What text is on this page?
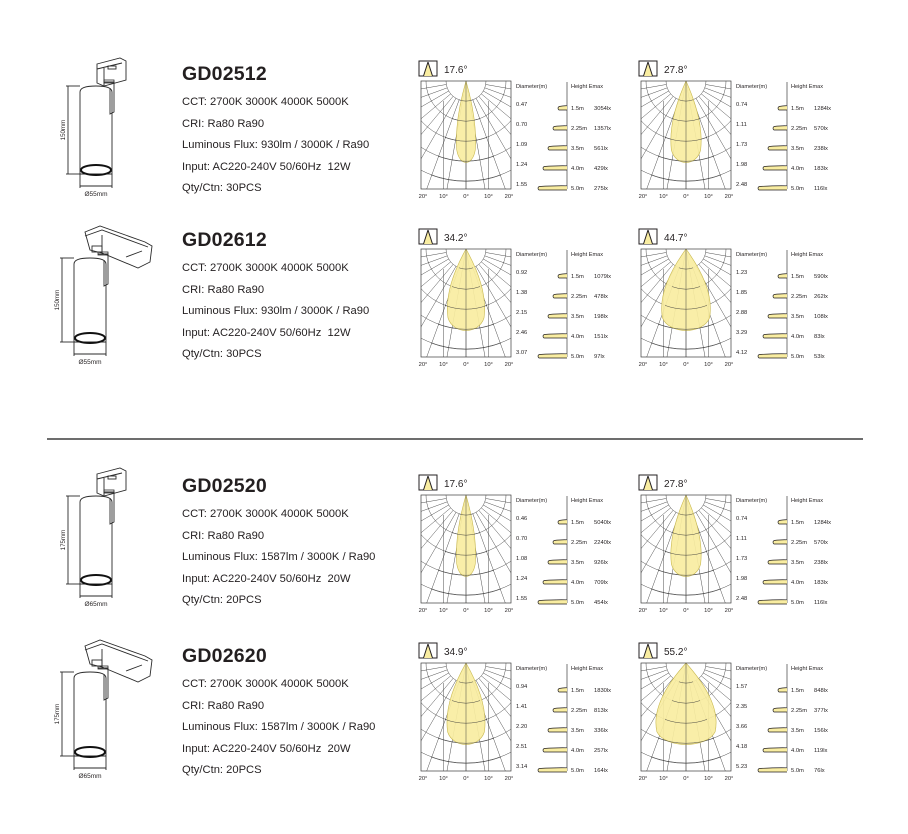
150mm
Ø55mm
GD02512
CCT: 2700K 3000K 4000K 5000K
CRI: Ra80 Ra90
Luminous Flux: 930lm / 3000K / Ra90
Input: AC220-240V 50/60Hz  12W
Qty/Ctn: 30PCS
17.6°
20° 10°	0°	10° 20°
Diameter(m)	Height Emax
0.47
1.5m 3054lx
0.70
2.25m 1357lx
1.09
3.5m 561lx
1.24
4.0m 429lx
1.55
5.0m 275lx
27.8°
20° 10°	0°	10° 20°
Diameter(m)	Height Emax
0.74
1.5m 1284lx
1.11
2.25m 570lx
1.73
3.5m 238lx
1.98
4.0m 183lx
2.48
5.0m 116lx
150mm
Ø55mm
GD02612
CCT: 2700K 3000K 4000K 5000K
CRI: Ra80 Ra90
Luminous Flux: 930lm / 3000K / Ra90
Input: AC220-240V 50/60Hz  12W
Qty/Ctn: 30PCS
34.2°
20° 10°	0°	10° 20°
Diameter(m)	Height Emax
0.92
1.5m 1079lx
1.38
2.25m 478lx
2.15
3.5m 198lx
2.46
4.0m 151lx
3.07
5.0m 97lx
44.7°
20° 10°	0°	10° 20°
Diameter(m)	Height Emax
1.23
1.5m 590lx
1.85
2.25m 262lx
2.88
3.5m 108lx
3.29
4.0m 83lx
4.12
5.0m 53lx
175mm
Ø65mm
GD02520
CCT: 2700K 3000K 4000K 5000K
CRI: Ra80 Ra90
Luminous Flux: 1587lm / 3000K / Ra90
Input: AC220-240V 50/60Hz  20W
Qty/Ctn: 20PCS
17.6°
20° 10°	0°	10° 20°
Diameter(m)	Height Emax
0.46
1.5m 5040lx
0.70
2.25m 2240lx
1.08
3.5m 926lx
1.24
4.0m 709lx
1.55
5.0m 454lx
27.8°
20° 10°	0°	10° 20°
Diameter(m)	Height Emax
0.74
1.5m 1284lx
1.11
2.25m 570lx
1.73
3.5m 238lx
1.98
4.0m 183lx
2.48
5.0m 116lx
175mm
Ø65mm
GD02620
CCT: 2700K 3000K 4000K 5000K
CRI: Ra80 Ra90
Luminous Flux: 1587lm / 3000K / Ra90
Input: AC220-240V 50/60Hz  20W
Qty/Ctn: 20PCS
34.9°
20° 10°	0°	10° 20°
Diameter(m)	Height Emax
0.94
1.5m 1830lx
1.41
2.25m 813lx
2.20
3.5m 336lx
2.51
4.0m 257lx
3.14
5.0m 164lx
55.2°
20° 10°	0°	10° 20°
Diameter(m)	Height Emax
1.57
1.5m 848lx
2.35
2.25m 377lx
3.66
3.5m 156lx
4.18
4.0m 119lx
5.23
5.0m 76lx
